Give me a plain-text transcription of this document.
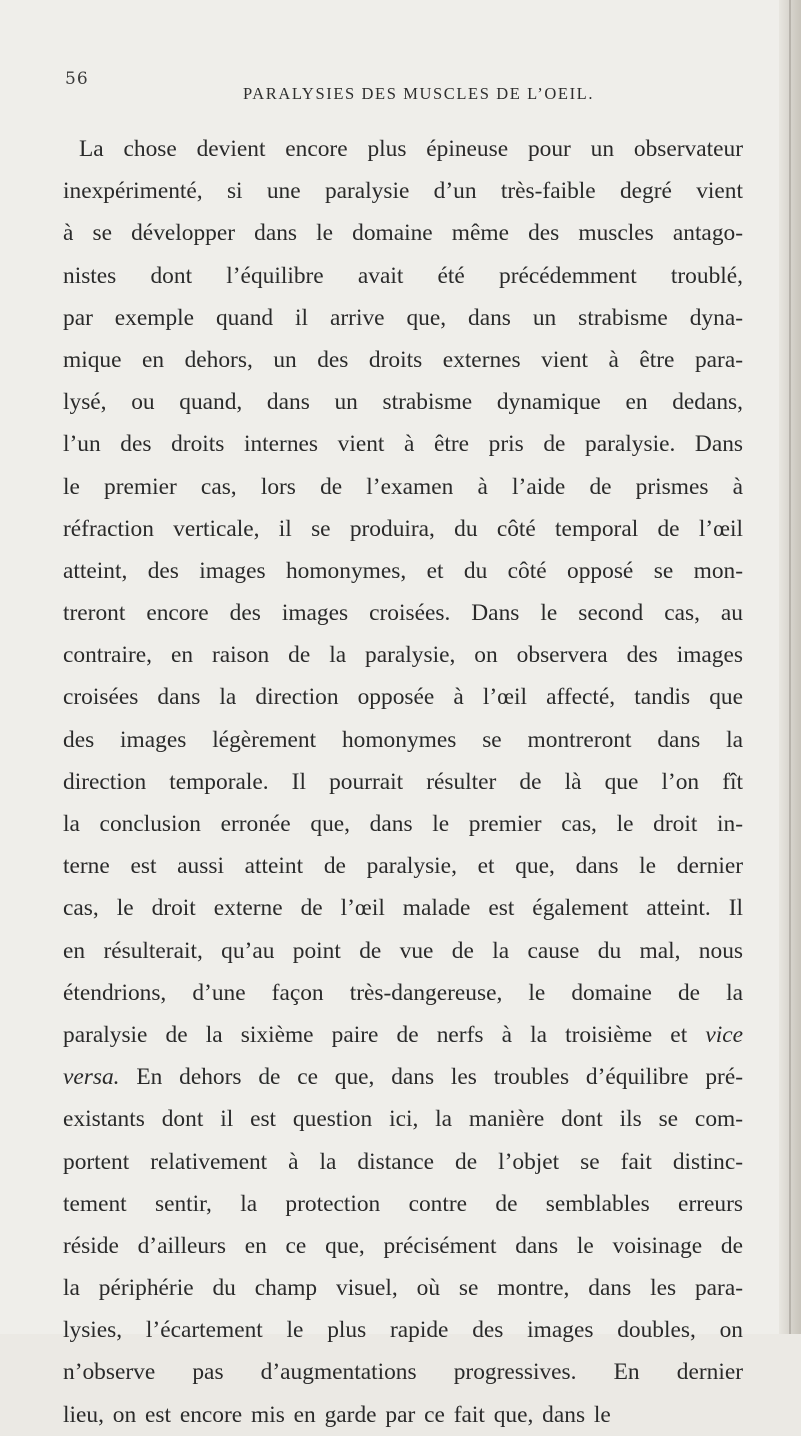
56
PARALYSIES DES MUSCLES DE L’OEIL.
La chose devient encore plus épineuse pour un observateur
inexpérimenté, si une paralysie d’un très-faible degré vient
à se développer dans le domaine même des muscles antago-
nistes dont l’équilibre avait été précédemment troublé,
par exemple quand il arrive que, dans un strabisme dyna-
mique en dehors, un des droits externes vient à être para-
lysé, ou quand, dans un strabisme dynamique en dedans,
l’un des droits internes vient à être pris de paralysie. Dans
le premier cas, lors de l’examen à l’aide de prismes à
réfraction verticale, il se produira, du côté temporal de l’œil
atteint, des images homonymes, et du côté opposé se mon-
treront encore des images croisées. Dans le second cas, au
contraire, en raison de la paralysie, on observera des images
croisées dans la direction opposée à l’œil affecté, tandis que
des images légèrement homonymes se montreront dans la
direction temporale. Il pourrait résulter de là que l’on fît
la conclusion erronée que, dans le premier cas, le droit in-
terne est aussi atteint de paralysie, et que, dans le dernier
cas, le droit externe de l’œil malade est également atteint. Il
en résulterait, qu’au point de vue de la cause du mal, nous
étendrions, d’une façon très-dangereuse, le domaine de la
paralysie de la sixième paire de nerfs à la troisième et vice
versa. En dehors de ce que, dans les troubles d’équilibre pré-
existants dont il est question ici, la manière dont ils se com-
portent relativement à la distance de l’objet se fait distinc-
tement sentir, la protection contre de semblables erreurs
réside d’ailleurs en ce que, précisément dans le voisinage de
la périphérie du champ visuel, où se montre, dans les para-
lysies, l’écartement le plus rapide des images doubles, on
n’observe pas d’augmentations progressives. En dernier
lieu, on est encore mis en garde par ce fait que, dans le
